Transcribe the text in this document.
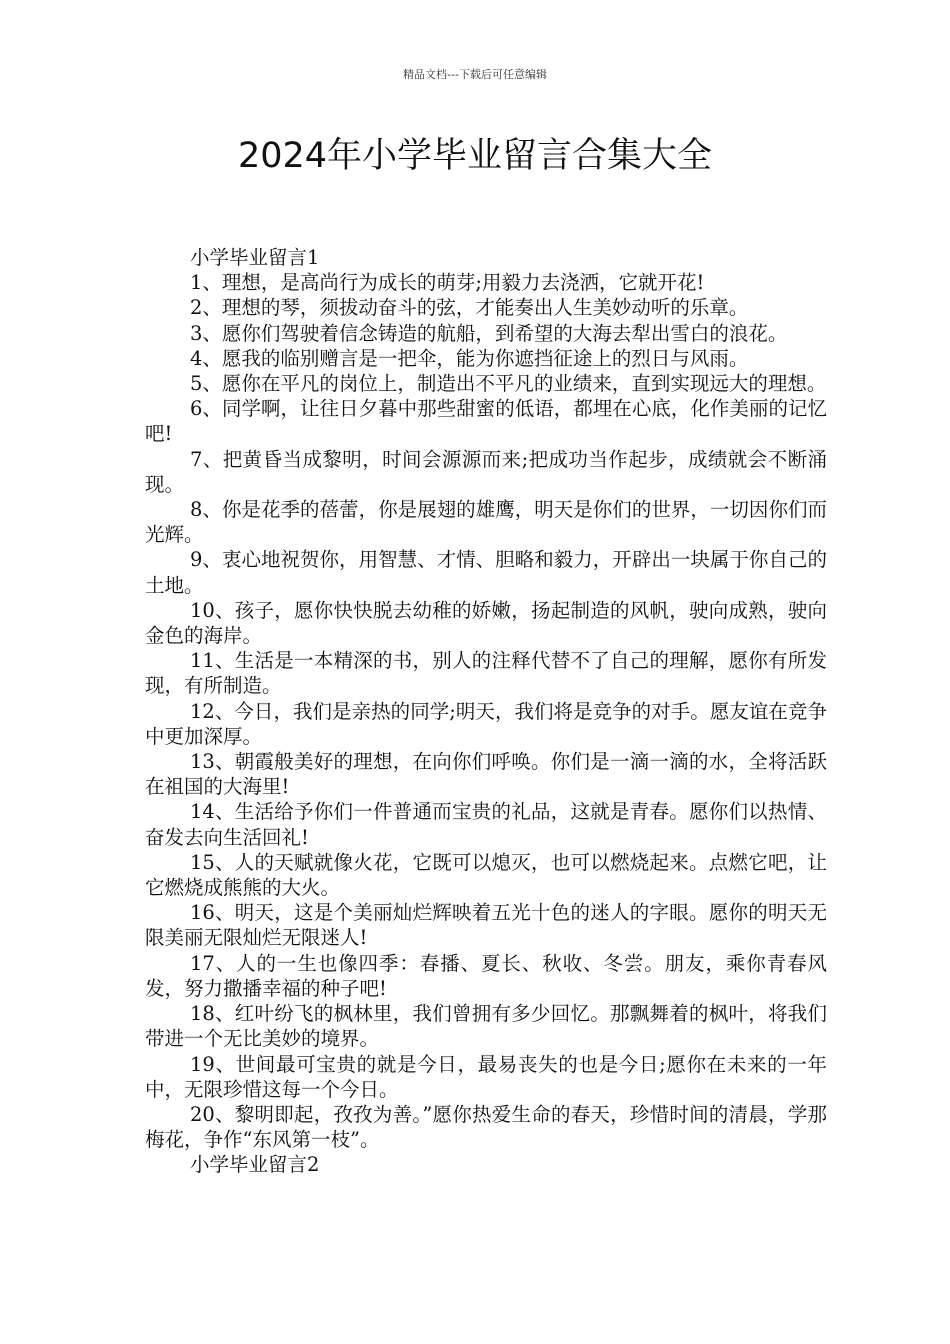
精品文档---下载后可任意编辑
2024年小学毕业留言合集大全

小学毕业留言1

1、理想，是高尚行为成长的萌芽;用毅力去浇洒，它就开花!

2、理想的琴，须拔动奋斗的弦，才能奏出人生美妙动听的乐章。

3、愿你们驾驶着信念铸造的航船，到希望的大海去犁出雪白的浪花。

4、愿我的临别赠言是一把伞，能为你遮挡征途上的烈日与风雨。

5、愿你在平凡的岗位上，制造出不平凡的业绩来，直到实现远大的理想。

6、同学啊，让往日夕暮中那些甜蜜的低语，都埋在心底，化作美丽的记忆吧!

7、把黄昏当成黎明，时间会源源而来;把成功当作起步，成绩就会不断涌现。

8、你是花季的蓓蕾，你是展翅的雄鹰，明天是你们的世界，一切因你们而光辉。

9、衷心地祝贺你，用智慧、才情、胆略和毅力，开辟出一块属于你自己的土地。

10、孩子，愿你快快脱去幼稚的娇嫩，扬起制造的风帆，驶向成熟，驶向金色的海岸。

11、生活是一本精深的书，别人的注释代替不了自己的理解，愿你有所发现，有所制造。

12、今日，我们是亲热的同学;明天，我们将是竞争的对手。愿友谊在竞争中更加深厚。

13、朝霞般美好的理想，在向你们呼唤。你们是一滴一滴的水，全将活跃在祖国的大海里!

14、生活给予你们一件普通而宝贵的礼品，这就是青春。愿你们以热情、奋发去向生活回礼!

15、人的天赋就像火花，它既可以熄灭，也可以燃烧起来。点燃它吧，让它燃烧成熊熊的大火。

16、明天，这是个美丽灿烂辉映着五光十色的迷人的字眼。愿你的明天无限美丽无限灿烂无限迷人!

17、人的一生也像四季：春播、夏长、秋收、冬尝。朋友，乘你青春风发，努力撒播幸福的种子吧!

18、红叶纷飞的枫林里，我们曾拥有多少回忆。那飘舞着的枫叶，将我们带进一个无比美妙的境界。

19、世间最可宝贵的就是今日，最易丧失的也是今日;愿你在未来的一年中，无限珍惜这每一个今日。

20、黎明即起，孜孜为善。”愿你热爱生命的春天，珍惜时间的清晨，学那梅花，争作“东风第一枝”。

小学毕业留言2
